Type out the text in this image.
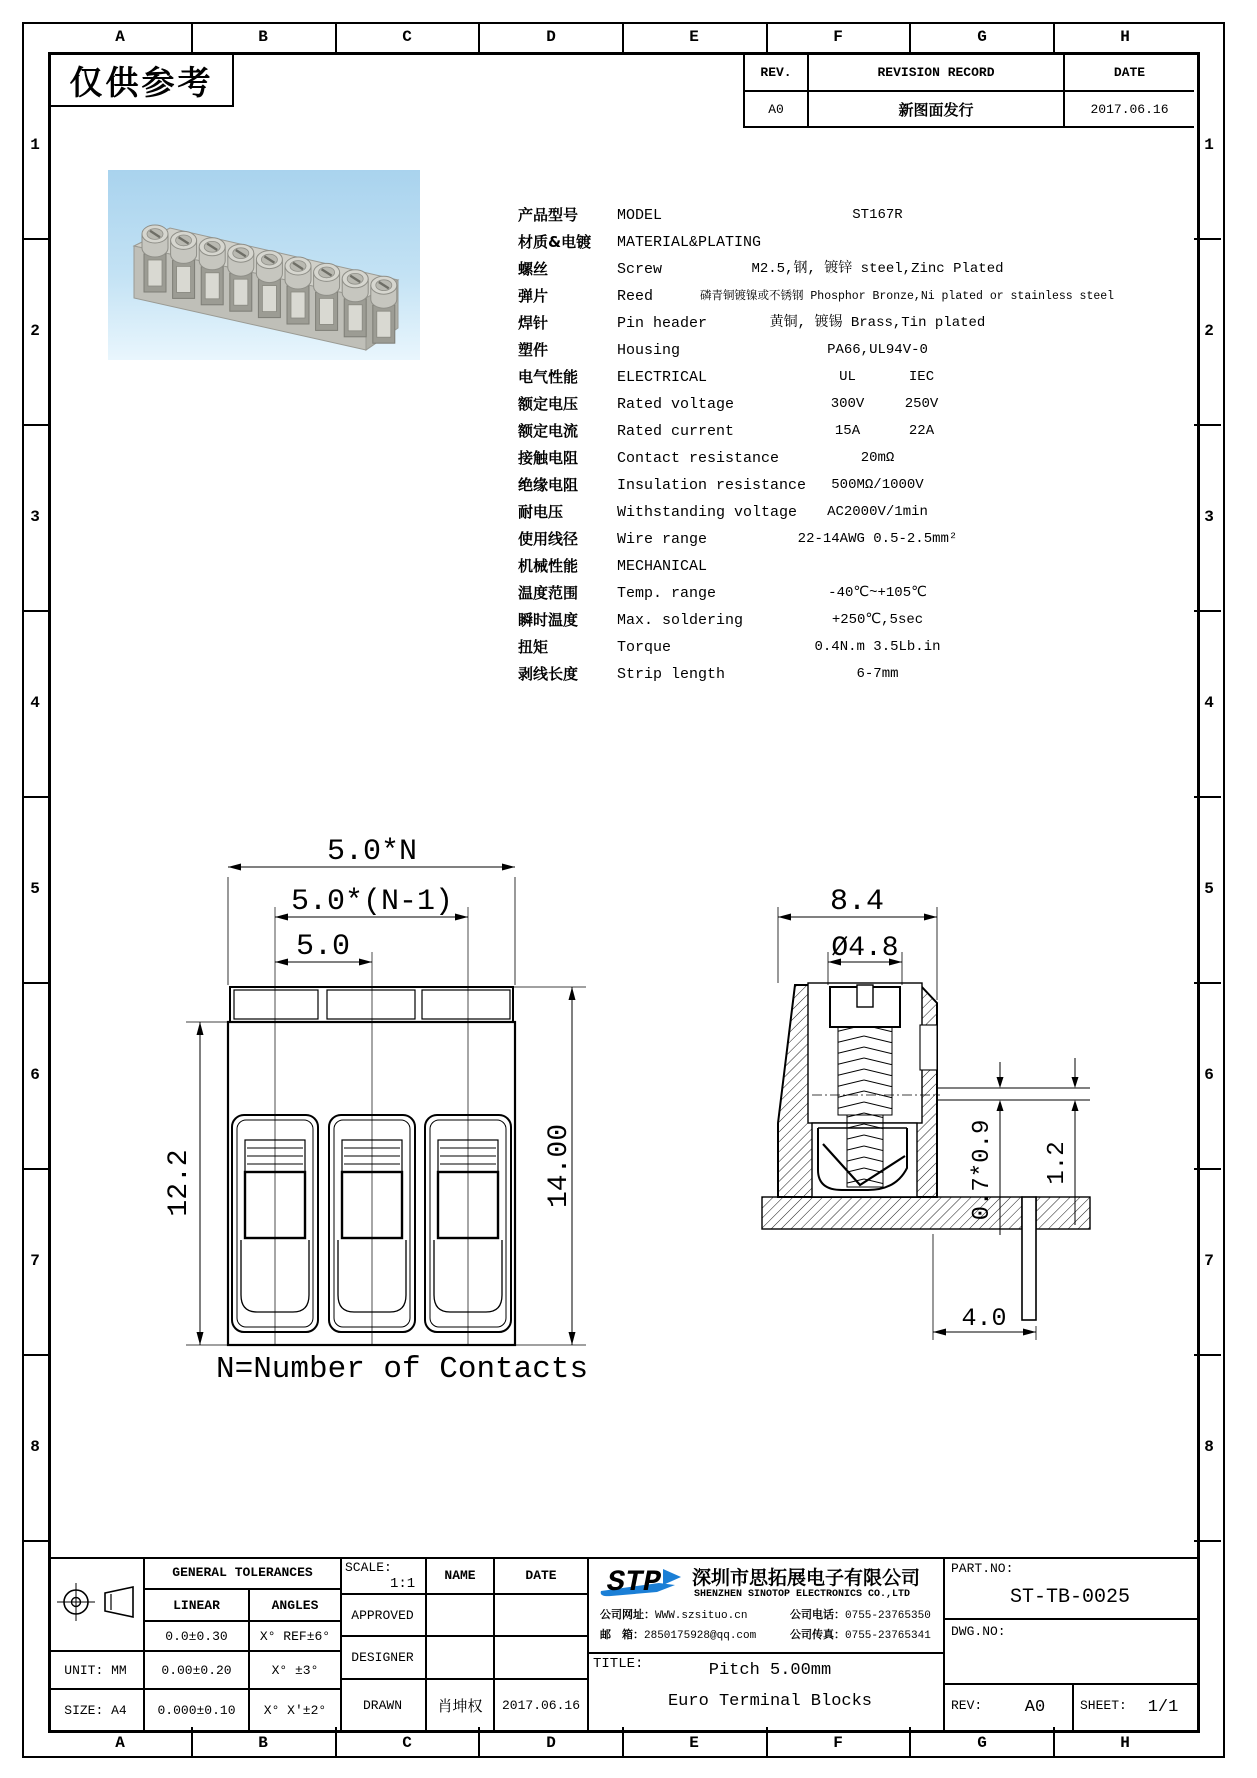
A	B	C	D	E	F	G	H
A	B	C	D	E	F	G	H
1
2
3
4
5
6
7
8
1
2
3
4
5
6
7
8
仅供参考	REV.	REVISION RECORD	DATE
A0	新图面发行	2017.06.16
产品型号	MODEL	ST167R
材质&电镀 MATERIAL&PLATING
螺丝	Screw	M2.5,钢, 镀锌 steel,Zinc Plated
弹片	Reed	磷青铜镀镍或不锈钢 Phosphor Bronze,Ni plated or stainless steel
焊针	Pin header	黄铜, 镀锡 Brass,Tin plated
塑件	Housing	PA66,UL94V-0
电气性能	ELECTRICAL	UL	IEC
额定电压	Rated voltage	300V	250V
额定电流	Rated current	15A	22A
接触电阻	Contact resistance	20mΩ
绝缘电阻	Insulation resistance	500MΩ/1000V
耐电压	Withstanding voltage	AC2000V/1min
使用线径	Wire range	22-14AWG 0.5-2.5mm²
机械性能	MECHANICAL
温度范围	Temp. range	-40℃~+105℃
瞬时温度	Max. soldering	+250℃,5sec
扭矩	Torque	0.4N.m 3.5Lb.in
剥线长度	Strip length	6-7mm
5.0*N
5.0*(N-1)
5.0
12.2	14.00
8.4
Ø4.8
0.7*0.9 1.2
4.0
N=Number of Contacts
UNIT: MM
SIZE: A4
GENERAL TOLERANCES
LINEAR	ANGLES
0.0±0.30	X° REF±6°
0.00±0.20	X° ±3°
0.000±0.10	X° X'±2°
SCALE:
1:1
NAME	DATE
APPROVED
DESIGNER
DRAWN	肖坤权	2017.06.16
STP 深圳市思拓展电子有限公司
SHENZHEN SINOTOP ELECTRONICS CO.,LTD
公司网址：WWW.szsituo.cn
邮　箱：2850175928@qq.com
公司电话：0755-23765350
公司传真：0755-23765341
TITLE:	Pitch 5.00mm
Euro Terminal Blocks
PART.NO:
ST-TB-0025
DWG.NO:
REV:	A0	SHEET:	1/1
